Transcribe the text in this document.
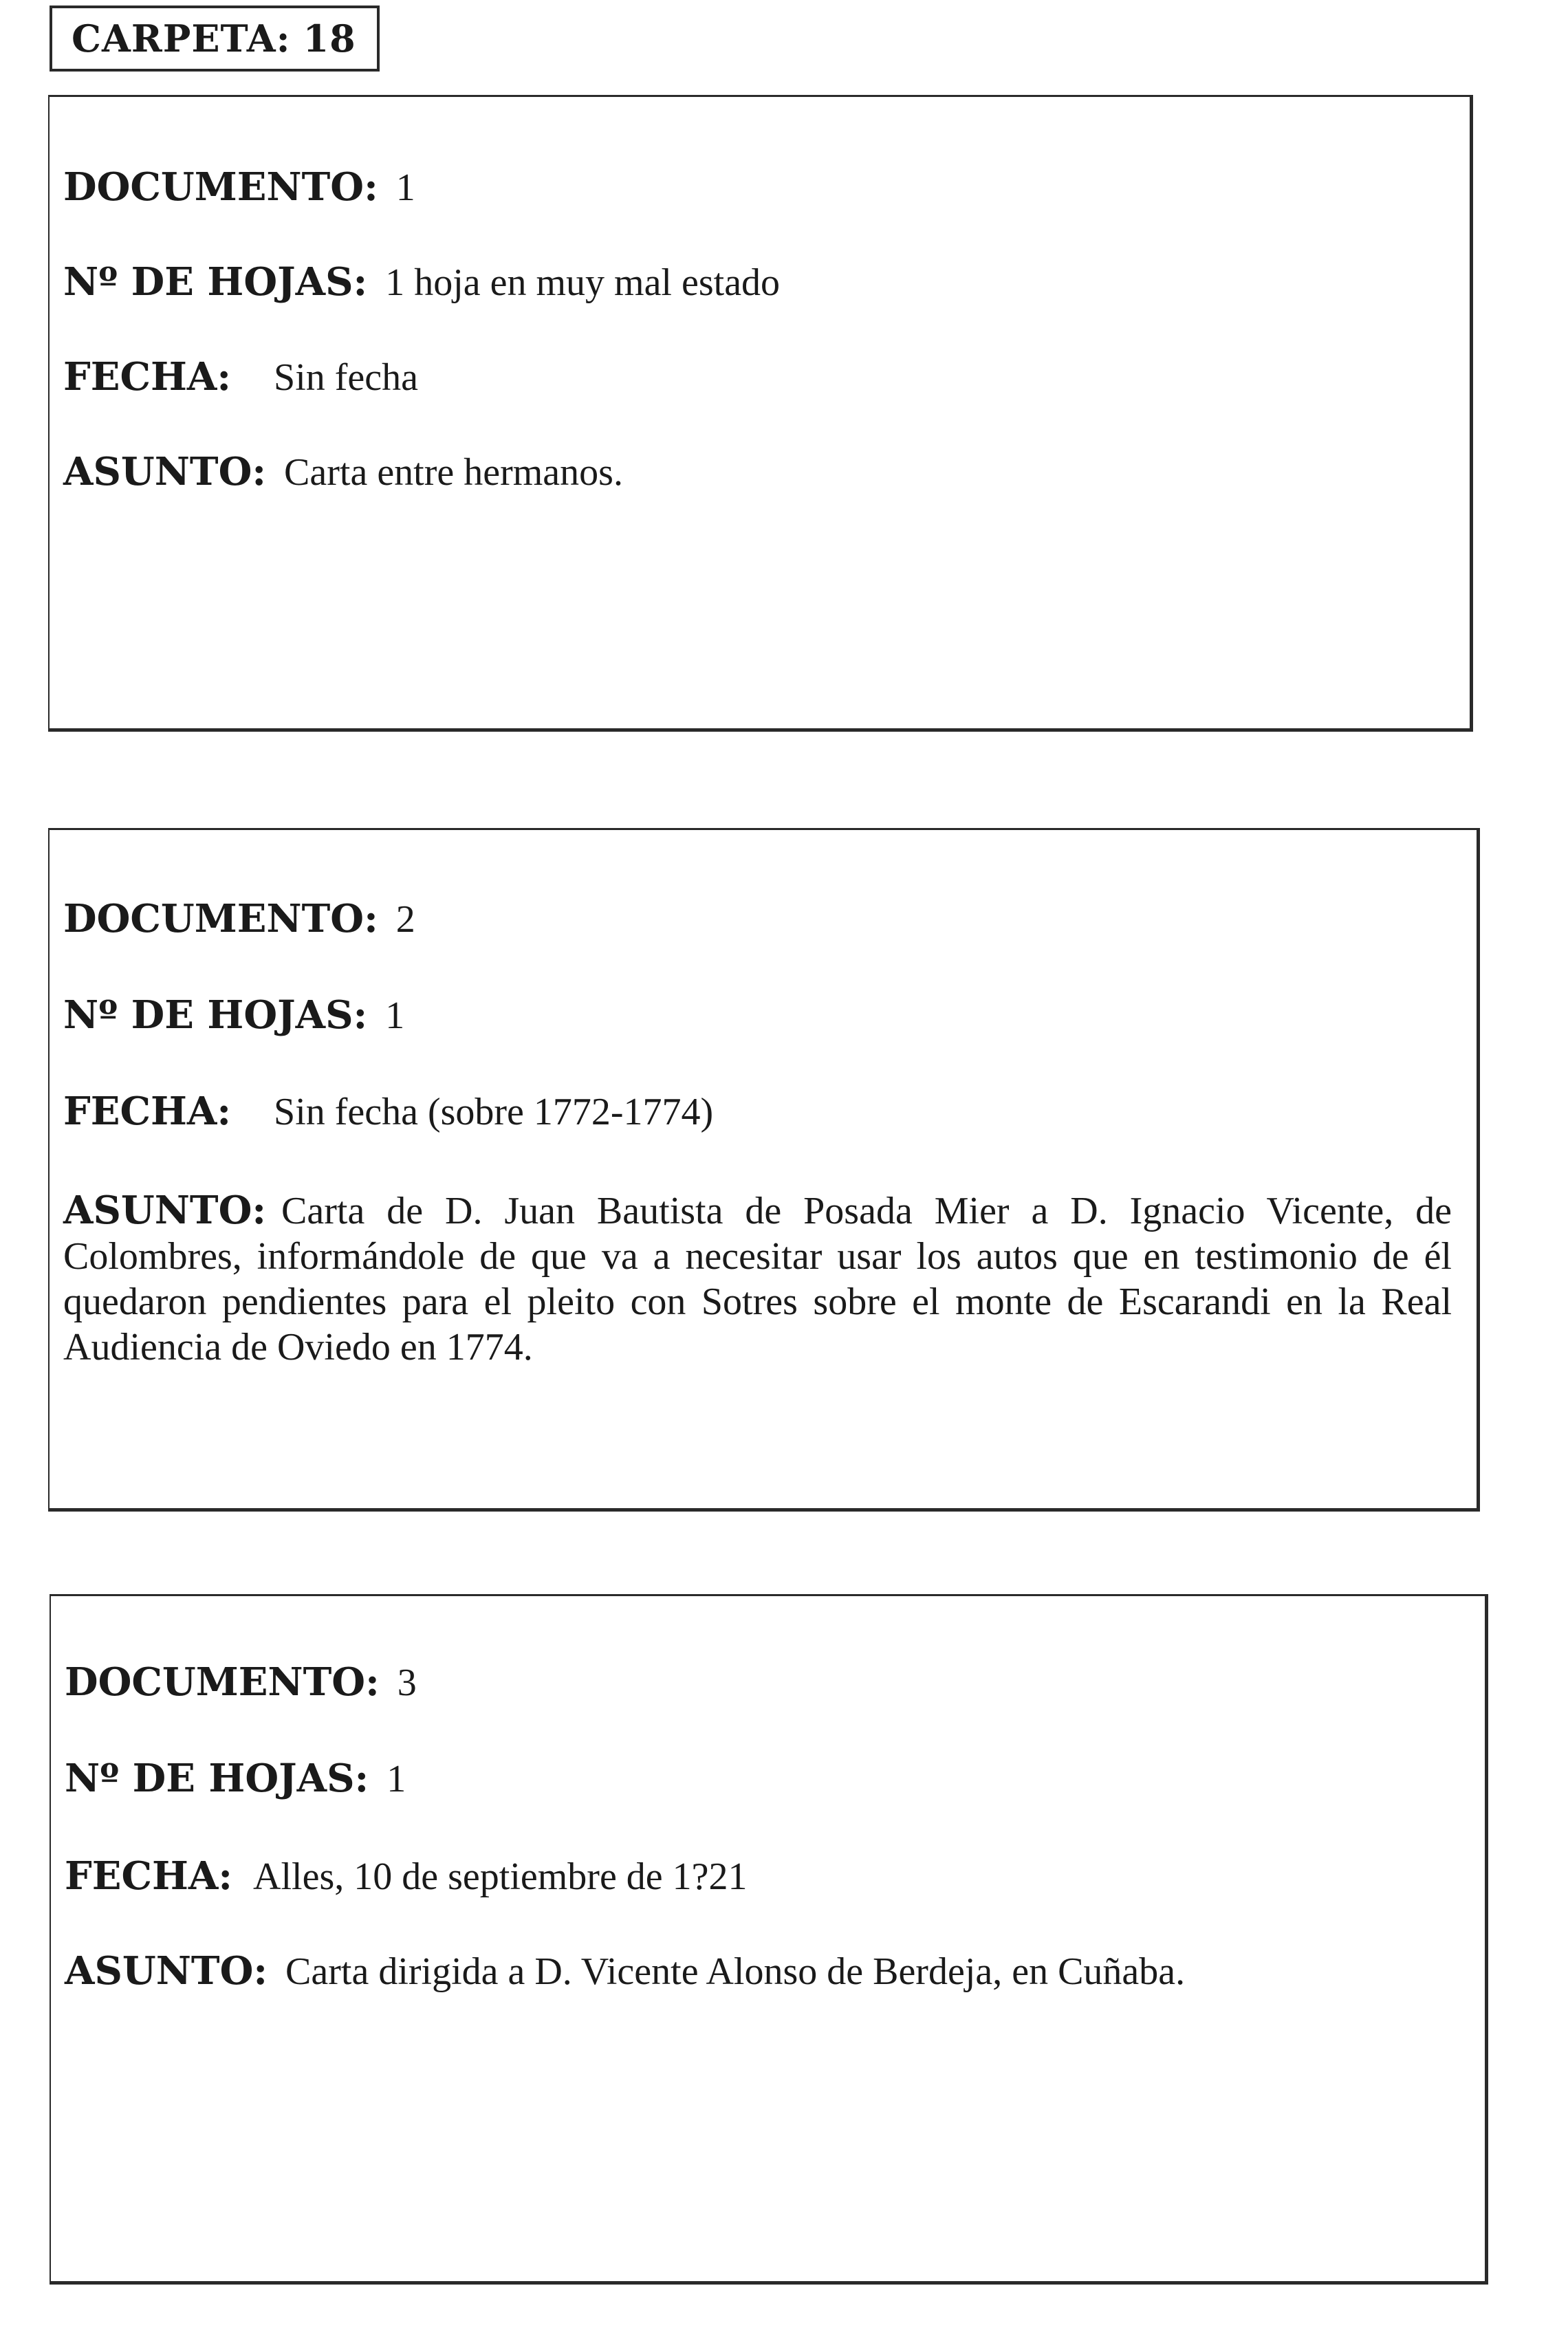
CARPETA: 18
DOCUMENTO: 1
Nº DE HOJAS: 1 hoja en muy mal estado
FECHA: Sin fecha
ASUNTO: Carta entre hermanos.
DOCUMENTO: 2
Nº DE HOJAS: 1
FECHA: Sin fecha (sobre 1772-1774)
ASUNTO: Carta de D. Juan Bautista de Posada Mier a D. Ignacio Vicente, de Colombres, informándole de que va a necesitar usar los autos que en testimonio de él quedaron pendientes para el pleito con Sotres sobre el monte de Escarandi en la Real Audiencia de Oviedo en 1774.
DOCUMENTO: 3
Nº DE HOJAS: 1
FECHA: Alles, 10 de septiembre de 1?21
ASUNTO: Carta dirigida a D. Vicente Alonso de Berdeja, en Cuñaba.
